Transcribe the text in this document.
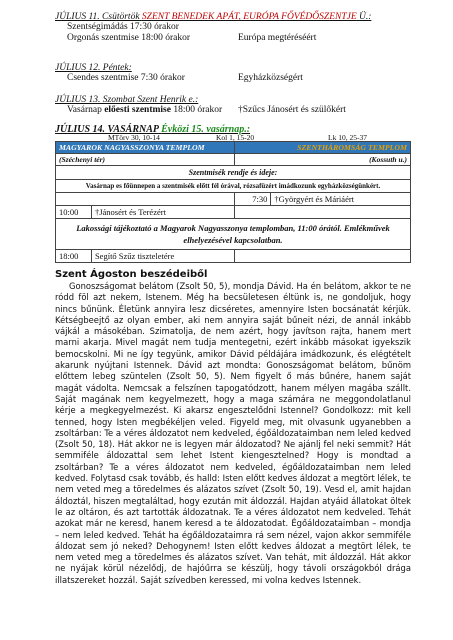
JÚLIUS 11. Csütörtök SZENT BENEDEK APÁT, EURÓPA FŐVÉDŐSZENTJE Ü.:
Szentségimádás 17:30 órakor
Orgonás szentmise 18:00 órakor	Európa megtéréséért
JÚLIUS 12. Péntek:
Csendes szentmise 7:30 órakor	Egyházközségért
JÚLIUS 13. Szombat Szent Henrik e.:
Vasárnap előesti szentmise 18:00 órakor †Szűcs Jánosért és szülőkért
JÚLIUS 14. VASÁRNAP Évközi 15. vasárnap.:
MTörv 30, 10-14	Kol 1, 15-20	Lk 10, 25-37
MAGYAROK NAGYASSZONYA TEMPLOM		SZENTHÁROMSÁG TEMPLOM	
(Széchenyi tér)		(Kossuth u.)	
Szentmisék rendje és ideje:			
Vasárnap es főünnepen a szentmisék előtt fél órával, rózsafüzért imádkozunk egyházközségünkért.			
		7:30	†Györgyért és Máriáért
10:00	†Jánosért és Terézért		
Lakossági tájékoztató a Magyarok Nagyasszonya templomban, 11:00 órától. Emlékművek elhelyezésével kapcsolatban.			
18:00	Segítő Szűz tiszteletére		
Szent Ágoston beszédeiből

Gonoszságomat belátom (Zsolt 50, 5), mondja Dávid. Ha én belátom, akkor te ne ródd föl azt nekem, Istenem. Még ha becsületesen éltünk is, ne gondoljuk, hogy nincs bűnünk. Életünk annyira lesz dicséretes, amennyire Isten bocsánatát kérjük. Kétségbeejtő az olyan ember, aki nem annyira saját bűneit nézi, de annál inkább vájkál a másokéban. Szimatolja, de nem azért, hogy javítson rajta, hanem mert marni akarja. Mivel magát nem tudja mentegetni, ezért inkább másokat igyekszik bemocskolni. Mi ne így tegyünk, amikor Dávid példájára imádkozunk, és elégtételt akarunk nyújtani Istennek. Dávid azt mondta: Gonoszságomat belátom, bűnöm előttem lebeg szüntelen (Zsolt 50, 5). Nem figyelt ő más bűnére, hanem saját magát vádolta. Nemcsak a felszínen tapogatódzott, hanem mélyen magába szállt. Saját magának nem kegyelmezett, hogy a maga számára ne meggondolatlanul kérje a megkegyelmezést. Ki akarsz engesztelődni Istennel? Gondolkozz: mit kell tenned, hogy Isten megbékéljen veled. Figyeld meg, mit olvasunk ugyanebben a zsoltárban: Te a véres áldozatot nem kedveled, égőáldozataimban nem leled kedved (Zsolt 50, 18). Hát akkor ne is legyen már áldozatod? Ne ajánlj fel neki semmit? Hát semmiféle áldozattal sem lehet Istent kiengesztelned? Hogy is mondtad a zsoltárban? Te a véres áldozatot nem kedveled, égőáldozataimban nem leled kedved. Folytasd csak tovább, és halld: Isten előtt kedves áldozat a megtört lélek, te nem veted meg a töredelmes és alázatos szívet (Zsolt 50, 19). Vesd el, amit hajdan áldoztál, hiszen megtaláltad, hogy ezután mit áldozzál. Hajdan atyáid állatokat öltek le az oltáron, és azt tartották áldozatnak. Te a véres áldozatot nem kedveled. Tehát azokat már ne keresd, hanem keresd a te áldozatodat. Égőáldozataimban – mondja – nem leled kedved. Tehát ha égőáldozataimra rá sem nézel, vajon akkor semmiféle áldozat sem jó neked? Dehogynem! Isten előtt kedves áldozat a megtört lélek, te nem veted meg a töredelmes és alázatos szívet. Van tehát, mit áldozzál. Hát akkor ne nyájak körül nézelődj, de hajóűrra se készülj, hogy távoli országokból drága illatszereket hozzál. Saját szívedben keressed, mi volna kedves Istennek.
